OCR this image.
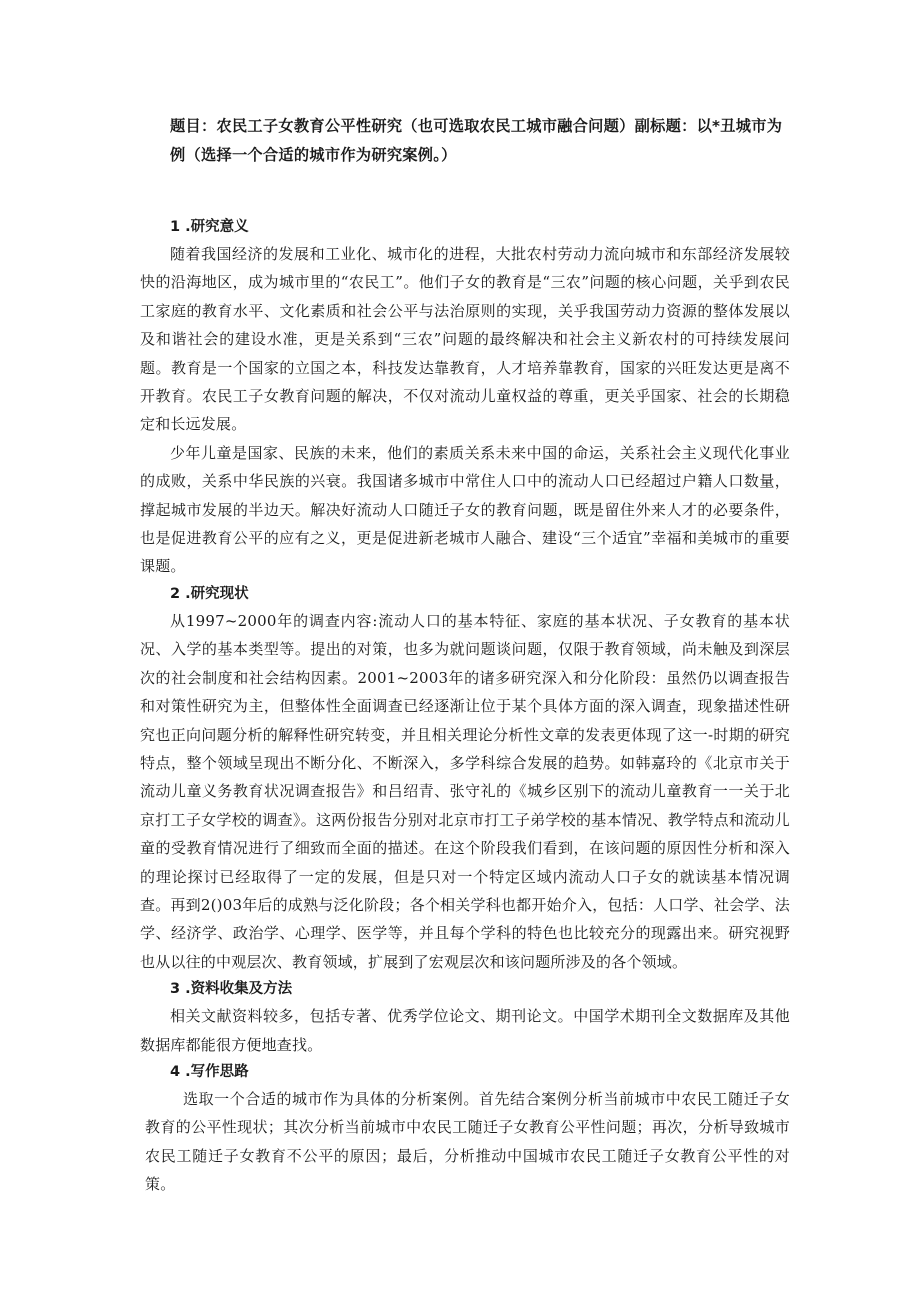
题目：农民工子女教育公平性研究（也可选取农民工城市融合问题）副标题：以*丑城市为例（选择一个合适的城市作为研究案例。）

1 .研究意义

随着我国经济的发展和工业化、城市化的进程，大批农村劳动力流向城市和东部经济发展较快的沿海地区，成为城市里的“农民工”。他们子女的教育是“三农”问题的核心问题，关乎到农民工家庭的教育水平、文化素质和社会公平与法治原则的实现，关乎我国劳动力资源的整体发展以及和谐社会的建设水准，更是关系到“三农”问题的最终解决和社会主义新农村的可持续发展问题。教育是一个国家的立国之本，科技发达靠教育，人才培养靠教育，国家的兴旺发达更是离不开教育。农民工子女教育问题的解决，不仅对流动儿童权益的尊重，更关乎国家、社会的长期稳定和长远发展。

少年儿童是国家、民族的未来，他们的素质关系未来中国的命运，关系社会主义现代化事业的成败，关系中华民族的兴衰。我国诸多城市中常住人口中的流动人口已经超过户籍人口数量，撑起城市发展的半边天。解决好流动人口随迁子女的教育问题，既是留住外来人才的必要条件，也是促进教育公平的应有之义，更是促进新老城市人融合、建设“三个适宜”幸福和美城市的重要课题。

2 .研究现状

从1997~2000年的调查内容:流动人口的基本特征、家庭的基本状况、子女教育的基本状况、入学的基本类型等。提出的对策，也多为就问题谈问题，仅限于教育领域，尚未触及到深层次的社会制度和社会结构因素。2001~2003年的诸多研究深入和分化阶段：虽然仍以调查报告和对策性研究为主，但整体性全面调查已经逐渐让位于某个具体方面的深入调查，现象描述性研究也正向问题分析的解释性研究转变，并且相关理论分析性文章的发表更体现了这一-时期的研究特点，整个领域呈现出不断分化、不断深入，多学科综合发展的趋势。如韩嘉玲的《北京市关于流动儿童义务教育状况调查报告》和吕绍青、张守礼的《城乡区别下的流动儿童教育一一关于北京打工子女学校的调查》。这两份报告分别对北京市打工子弟学校的基本情况、教学特点和流动儿童的受教育情况进行了细致而全面的描述。在这个阶段我们看到，在该问题的原因性分析和深入的理论探讨已经取得了一定的发展，但是只对一个特定区域内流动人口子女的就读基本情况调查。再到2()03年后的成熟与泛化阶段；各个相关学科也都开始介入，包括：人口学、社会学、法学、经济学、政治学、心理学、医学等，并且每个学科的特色也比较充分的现露出来。研究视野也从以往的中观层次、教育领域，扩展到了宏观层次和该问题所涉及的各个领域。

3 .资料收集及方法

相关文献资料较多，包括专著、优秀学位论文、期刊论文。中国学术期刊全文数据库及其他数据库都能很方便地查找。

4 .写作思路

选取一个合适的城市作为具体的分析案例。首先结合案例分析当前城市中农民工随迁子女教育的公平性现状；其次分析当前城市中农民工随迁子女教育公平性问题；再次，分析导致城市农民工随迁子女教育不公平的原因；最后，分析推动中国城市农民工随迁子女教育公平性的对策。
